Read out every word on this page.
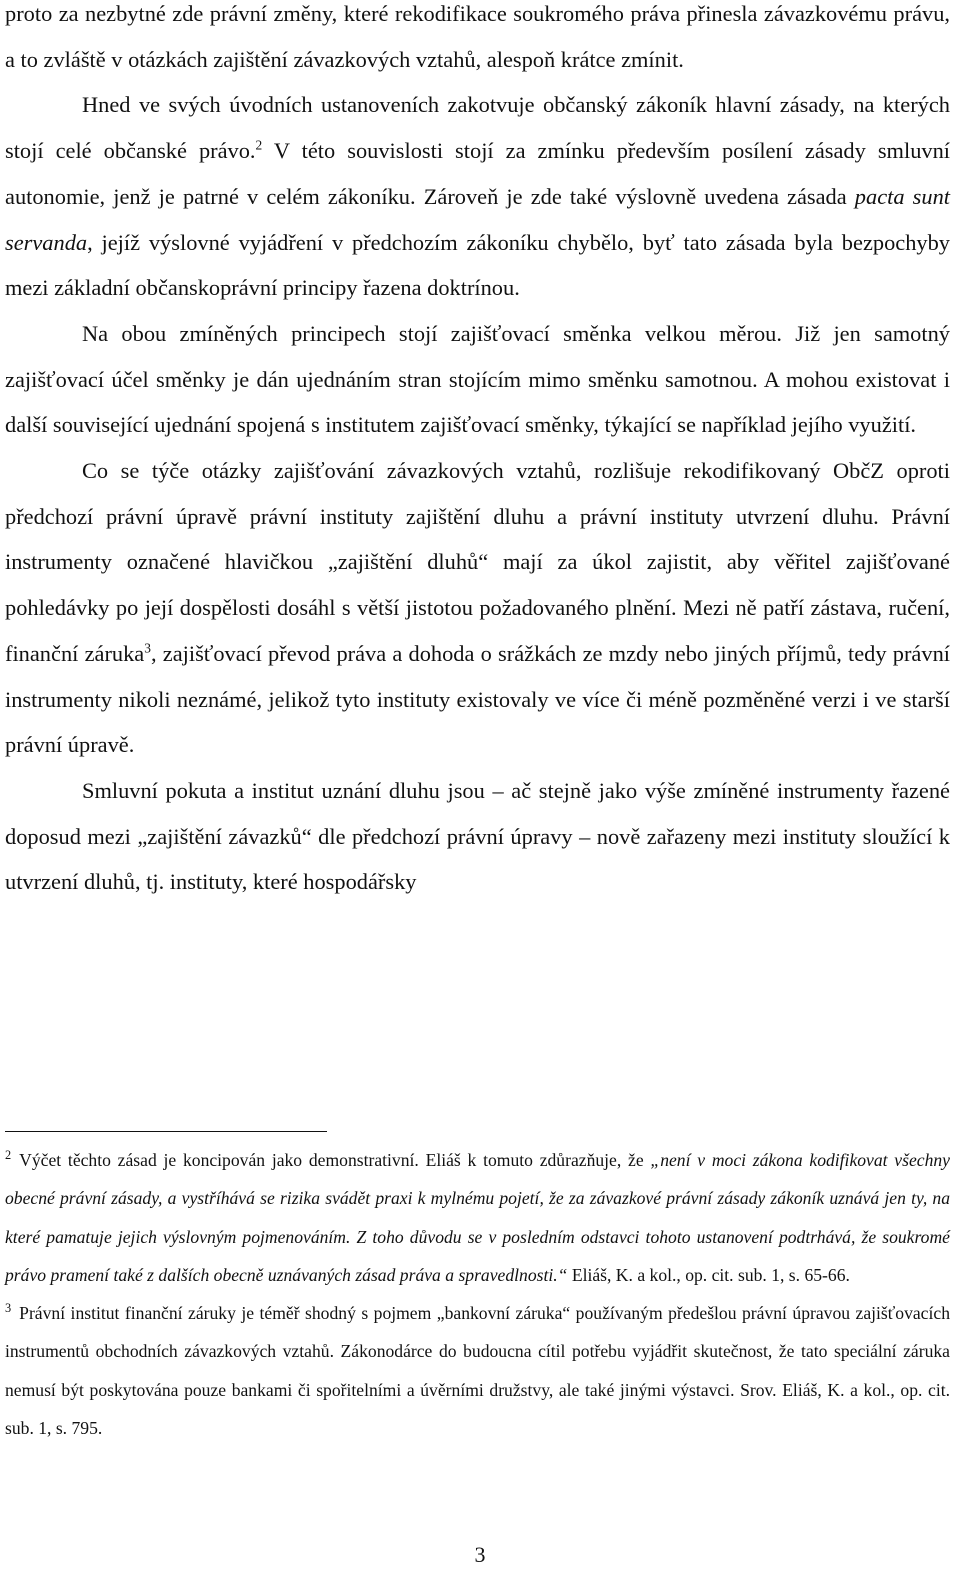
proto za nezbytné zde právní změny, které rekodifikace soukromého práva přinesla závazkovému právu, a to zvláště v otázkách zajištění závazkových vztahů, alespoň krátce zmínit.

Hned ve svých úvodních ustanoveních zakotvuje občanský zákoník hlavní zásady, na kterých stojí celé občanské právo.$^2$ V této souvislosti stojí za zmínku především posílení zásady smluvní autonomie, jenž je patrné v celém zákoníku. Zároveň je zde také výslovně uvedena zásada pacta sunt servanda, jejíž výslovné vyjádření v předchozím zákoníku chybělo, byť tato zásada byla bezpochyby mezi základní občanskoprávní principy řazena doktrínou.

Na obou zmíněných principech stojí zajišťovací směnka velkou měrou. Již jen samotný zajišťovací účel směnky je dán ujednáním stran stojícím mimo směnku samotnou. A mohou existovat i další související ujednání spojená s institutem zajišťovací směnky, týkající se například jejího využití.

Co se týče otázky zajišťování závazkových vztahů, rozlišuje rekodifikovaný ObčZ oproti předchozí právní úpravě právní instituty zajištění dluhu a právní instituty utvrzení dluhu. Právní instrumenty označené hlavičkou „zajištění dluhů“ mají za úkol zajistit, aby věřitel zajišťované pohledávky po její dospělosti dosáhl s větší jistotou požadovaného plnění. Mezi ně patří zástava, ručení, finanční záruka$^3$, zajišťovací převod práva a dohoda o srážkách ze mzdy nebo jiných příjmů, tedy právní instrumenty nikoli neznámé, jelikož tyto instituty existovaly ve více či méně pozměněné verzi i ve starší právní úpravě.

Smluvní pokuta a institut uznání dluhu jsou – ač stejně jako výše zmíněné instrumenty řazené doposud mezi „zajištění závazků“ dle předchozí právní úpravy – nově zařazeny mezi instituty sloužící k utvrzení dluhů, tj. instituty, které hospodářsky

$^2$ Výčet těchto zásad je koncipován jako demonstrativní. Eliáš k tomuto zdůrazňuje, že „není v moci zákona kodifikovat všechny obecné právní zásady, a vystříhává se rizika svádět praxi k mylnému pojetí, že za závazkové právní zásady zákoník uznává jen ty, na které pamatuje jejich výslovným pojmenováním. Z toho důvodu se v posledním odstavci tohoto ustanovení podtrhává, že soukromé právo pramení také z dalších obecně uznávaných zásad práva a spravedlnosti.“ Eliáš, K. a kol., op. cit. sub. 1, s. 65-66.

$^3$ Právní institut finanční záruky je téměř shodný s pojmem „bankovní záruka“ používaným předešlou právní úpravou zajišťovacích instrumentů obchodních závazkových vztahů. Zákonodárce do budoucna cítil potřebu vyjádřit skutečnost, že tato speciální záruka nemusí být poskytována pouze bankami či spořitelními a úvěrními družstvy, ale také jinými výstavci. Srov. Eliáš, K. a kol., op. cit. sub. 1, s. 795.

3
